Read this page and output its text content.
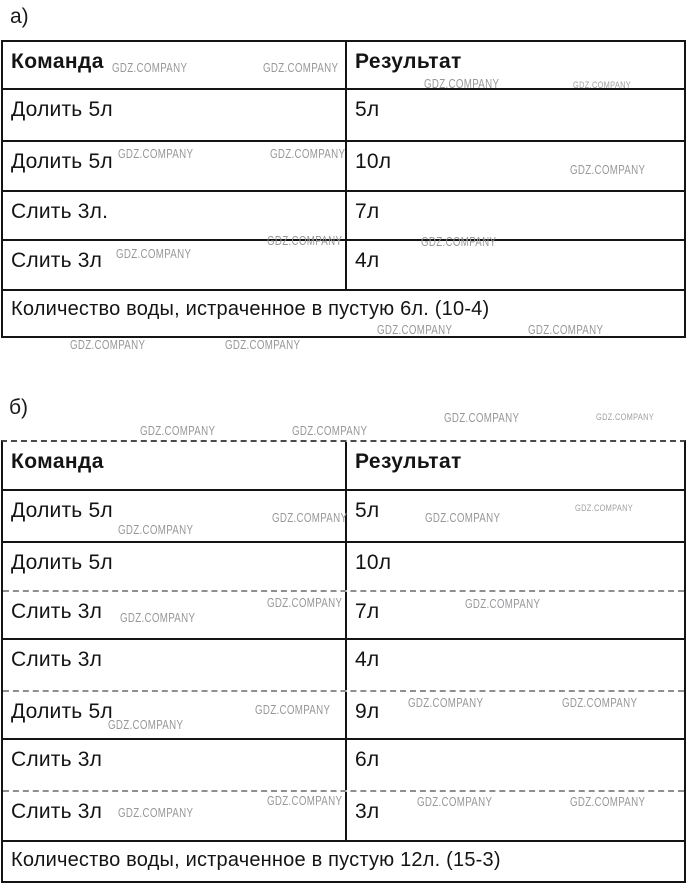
а)
Команда	Результат
Долить 5л	5л
Долить 5л	10л
Слить 3л.	7л
Слить 3л	4л
Количество воды, истраченное в пустую 6л. (10-4)
б)
Команда	Результат
Долить 5л	5л
Долить 5л	10л
Слить 3л	7л
Слить 3л	4л
Долить 5л	9л
Слить 3л	6л
Слить 3л	3л
Количество воды, истраченное в пустую 12л. (15-3)
GDZ.COMPANY	GDZ.COMPANY
GDZ.COMPANY	GDZ.COMPANY
GDZ.COMPANY	GDZ.COMPANY
GDZ.COMPANY
GDZ.COMPANY	GDZ.COMPANY
GDZ.COMPANY
GDZ.COMPANY	GDZ.COMPANY
GDZ.COMPANY	GDZ.COMPANY
GDZ.COMPANY	GDZ.COMPANY
GDZ.COMPANY	GDZ.COMPANY
GDZ.COMPANY	GDZ.COMPANY
GDZ.COMPANY
GDZ.COMPANY
GDZ.COMPANY	GDZ.COMPANY
GDZ.COMPANY
GDZ.COMPANY	GDZ.COMPANY	GDZ.COMPANY
GDZ.COMPANY
GDZ.COMPANY	GDZ.COMPANY	GDZ.COMPANY
GDZ.COMPANY
